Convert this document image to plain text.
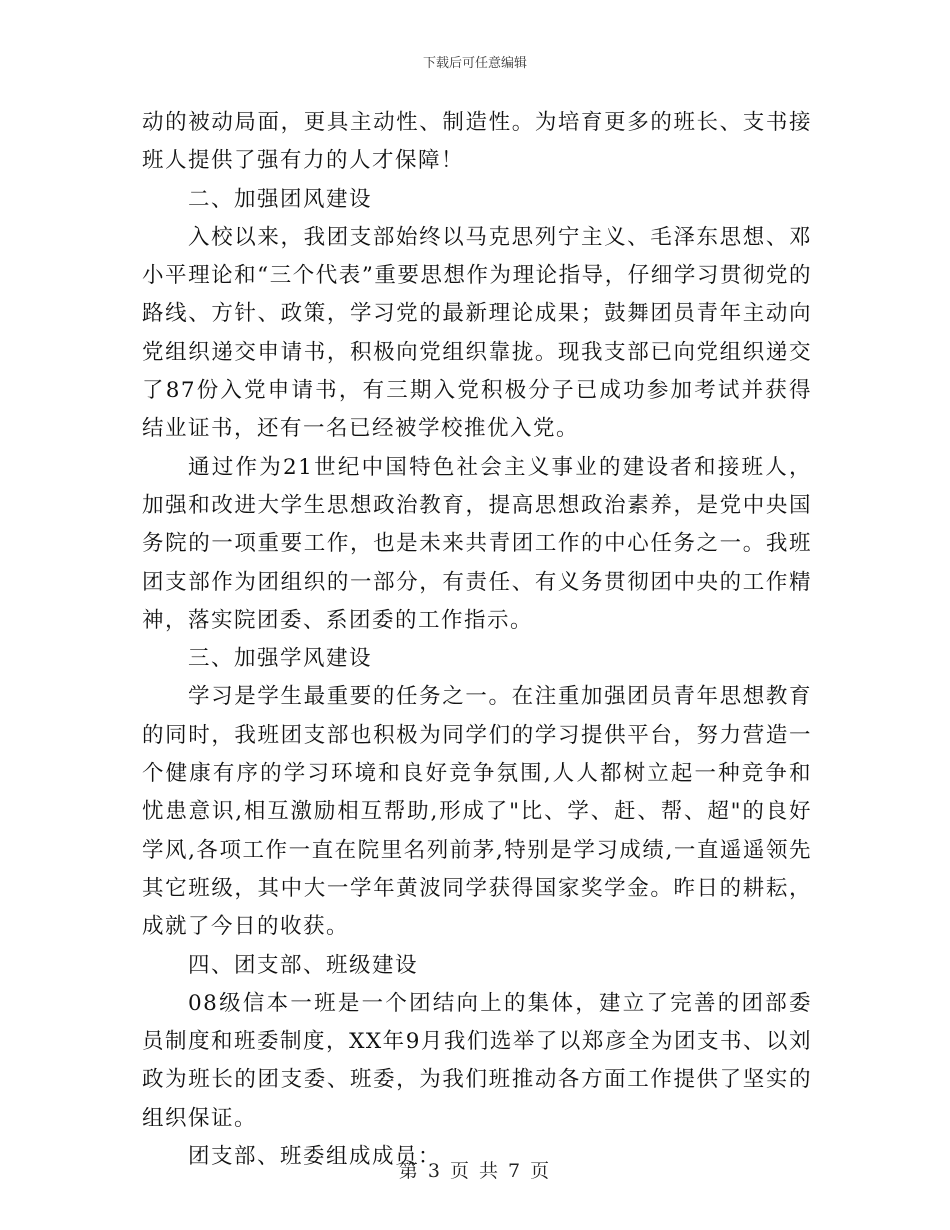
下载后可任意编辑

动的被动局面，更具主动性、制造性。为培育更多的班长、支书接班人提供了强有力的人才保障！

二、加强团风建设

入校以来，我团支部始终以马克思列宁主义、毛泽东思想、邓小平理论和“三个代表”重要思想作为理论指导，仔细学习贯彻党的路线、方针、政策，学习党的最新理论成果；鼓舞团员青年主动向党组织递交申请书，积极向党组织靠拢。现我支部已向党组织递交了87份入党申请书，有三期入党积极分子已成功参加考试并获得结业证书，还有一名已经被学校推优入党。

通过作为21世纪中国特色社会主义事业的建设者和接班人，加强和改进大学生思想政治教育，提高思想政治素养，是党中央国务院的一项重要工作，也是未来共青团工作的中心任务之一。我班团支部作为团组织的一部分，有责任、有义务贯彻团中央的工作精神，落实院团委、系团委的工作指示。

三、加强学风建设

学习是学生最重要的任务之一。在注重加强团员青年思想教育的同时，我班团支部也积极为同学们的学习提供平台，努力营造一个健康有序的学习环境和良好竞争氛围,人人都树立起一种竞争和忧患意识,相互激励相互帮助,形成了"比、学、赶、帮、超"的良好学风,各项工作一直在院里名列前茅,特别是学习成绩,一直遥遥领先其它班级，其中大一学年黄波同学获得国家奖学金。昨日的耕耘，成就了今日的收获。

四、团支部、班级建设

08级信本一班是一个团结向上的集体，建立了完善的团部委员制度和班委制度，XX年9月我们选举了以郑彦全为团支书、以刘政为班长的团支委、班委，为我们班推动各方面工作提供了坚实的组织保证。

团支部、班委组成成员：

第 3 页 共 7 页
